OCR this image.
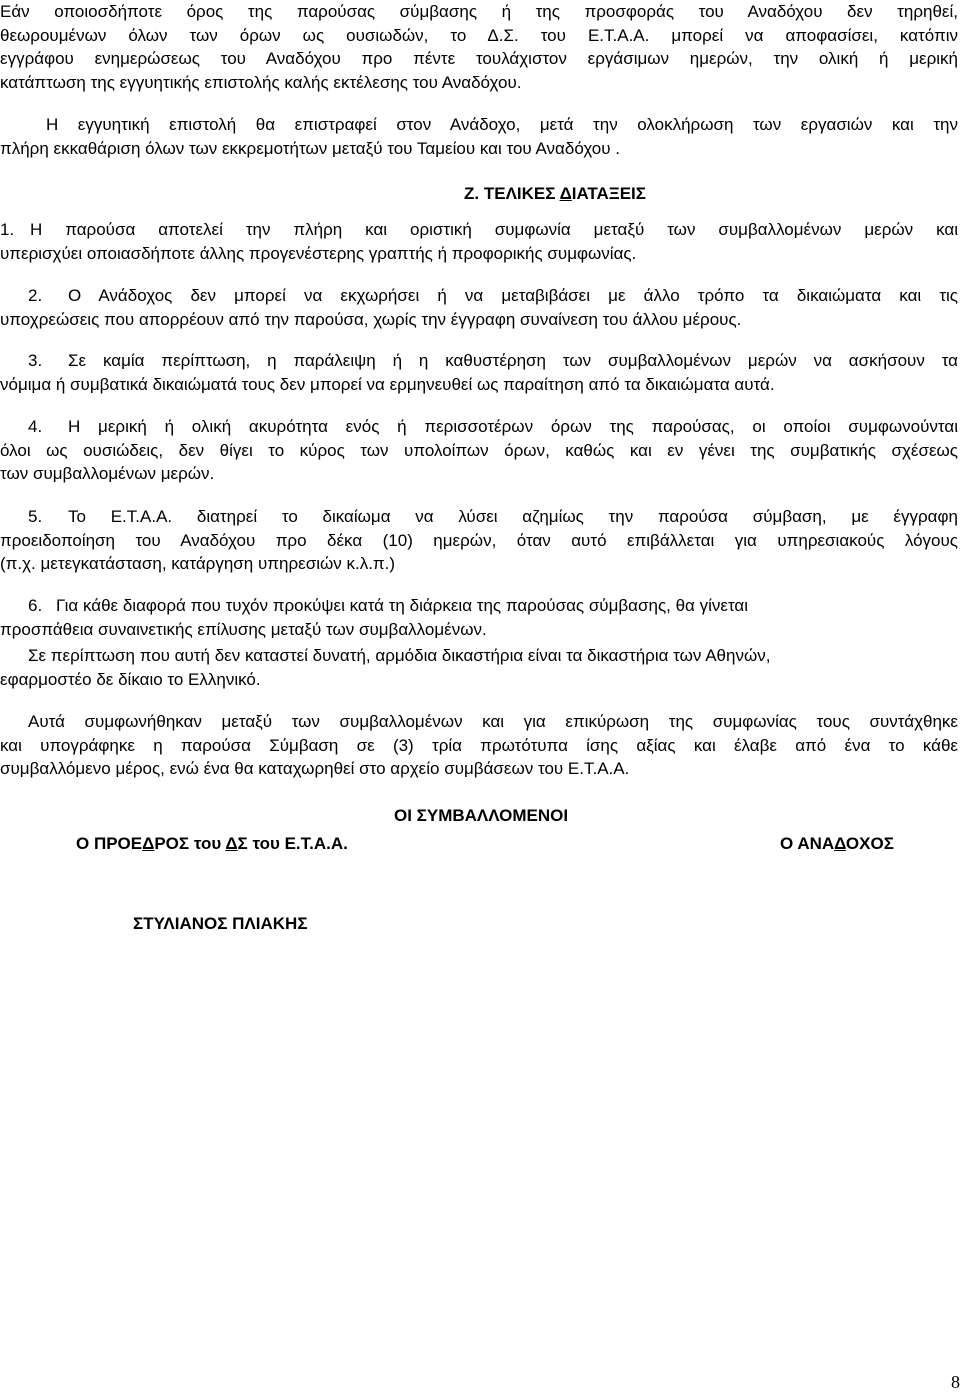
Εάν οποιοσδήποτε όρος της παρούσας σύμβασης ή της προσφοράς του Αναδόχου δεν τηρηθεί,
θεωρουμένων όλων των όρων ως ουσιωδών, το Δ.Σ. του Ε.Τ.Α.Α. μπορεί να αποφασίσει, κατόπιν
εγγράφου ενημερώσεως του Αναδόχου προ πέντε τουλάχιστον εργάσιμων ημερών, την ολική ή μερική
κατάπτωση της εγγυητικής επιστολής καλής εκτέλεσης του Αναδόχου.
Η εγγυητική επιστολή θα επιστραφεί στον Ανάδοχο, μετά την ολοκλήρωση των εργασιών και την
πλήρη εκκαθάριση όλων των εκκρεμοτήτων μεταξύ του Ταμείου και του Αναδόχου .
Ζ. ΤΕΛΙΚΕΣ ΔΙΑΤΑΞΕΙΣ
1. Η παρούσα αποτελεί την πλήρη και οριστική συμφωνία μεταξύ των συμβαλλομένων μερών και
υπερισχύει οποιασδήποτε άλλης προγενέστερης γραπτής ή προφορικής συμφωνίας.
2. Ο Ανάδοχος δεν μπορεί να εκχωρήσει ή να μεταβιβάσει με άλλο τρόπο τα δικαιώματα και τις
υποχρεώσεις που απορρέουν από την παρούσα, χωρίς την έγγραφη συναίνεση του άλλου μέρους.
3. Σε καμία περίπτωση, η παράλειψη ή η καθυστέρηση των συμβαλλομένων μερών να ασκήσουν τα
νόμιμα ή συμβατικά δικαιώματά τους δεν μπορεί να ερμηνευθεί ως παραίτηση από τα δικαιώματα αυτά.
4. Η μερική ή ολική ακυρότητα ενός ή περισσοτέρων όρων της παρούσας, οι οποίοι συμφωνούνται
όλοι ως ουσιώδεις, δεν θίγει το κύρος των υπολοίπων όρων, καθώς και εν γένει της συμβατικής σχέσεως
των συμβαλλομένων μερών.
5. Το Ε.Τ.Α.Α. διατηρεί το δικαίωμα να λύσει αζημίως την παρούσα σύμβαση, με έγγραφη
προειδοποίηση του Αναδόχου προ δέκα (10) ημερών, όταν αυτό επιβάλλεται για υπηρεσιακούς λόγους
(π.χ. μετεγκατάσταση, κατάργηση υπηρεσιών κ.λ.π.)
6. Για κάθε διαφορά που τυχόν προκύψει κατά τη διάρκεια της παρούσας σύμβασης, θα γίνεται
προσπάθεια συναινετικής επίλυσης μεταξύ των συμβαλλομένων.
Σε περίπτωση που αυτή δεν καταστεί δυνατή, αρμόδια δικαστήρια είναι τα δικαστήρια των Αθηνών,
εφαρμοστέο δε δίκαιο το Ελληνικό.
Αυτά συμφωνήθηκαν μεταξύ των συμβαλλομένων και για επικύρωση της συμφωνίας τους συντάχθηκε
και υπογράφηκε η παρούσα Σύμβαση σε (3) τρία πρωτότυπα ίσης αξίας και έλαβε από ένα το κάθε
συμβαλλόμενο μέρος, ενώ ένα θα καταχωρηθεί στο αρχείο συμβάσεων του Ε.Τ.Α.Α.
ΟΙ ΣΥΜΒΑΛΛΟΜΕΝΟΙ
Ο ΠΡΟΕΔΡΟΣ του ΔΣ του Ε.Τ.Α.Α.	Ο ΑΝΑΔΟΧΟΣ
ΣΤΥΛΙΑΝΟΣ ΠΛΙΑΚΗΣ
8
